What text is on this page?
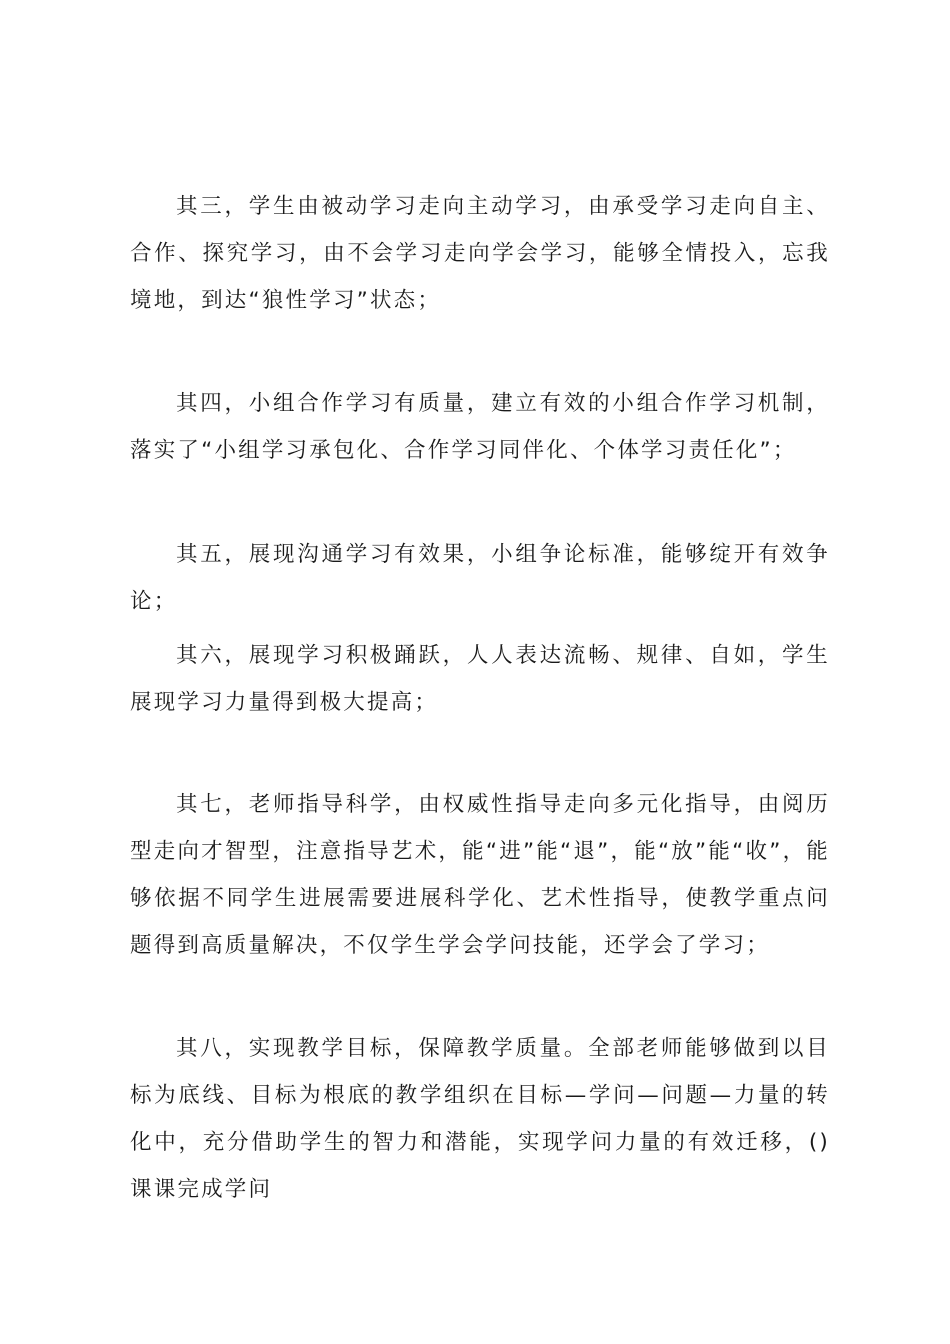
其三，学生由被动学习走向主动学习，由承受学习走向自主、合作、探究学习，由不会学习走向学会学习，能够全情投入，忘我境地，到达“狼性学习”状态；

其四，小组合作学习有质量，建立有效的小组合作学习机制，落实了“小组学习承包化、合作学习同伴化、个体学习责任化”；

其五，展现沟通学习有效果，小组争论标准，能够绽开有效争论；

其六，展现学习积极踊跃，人人表达流畅、规律、自如，学生展现学习力量得到极大提高；

其七，老师指导科学，由权威性指导走向多元化指导，由阅历型走向才智型，注意指导艺术，能“进”能“退”，能“放”能“收”，能够依据不同学生进展需要进展科学化、艺术性指导，使教学重点问题得到高质量解决，不仅学生学会学问技能，还学会了学习；

其八，实现教学目标，保障教学质量。全部老师能够做到以目标为底线、目标为根底的教学组织在目标—学问—问题—力量的转化中，充分借助学生的智力和潜能，实现学问力量的有效迁移，()课课完成学问
